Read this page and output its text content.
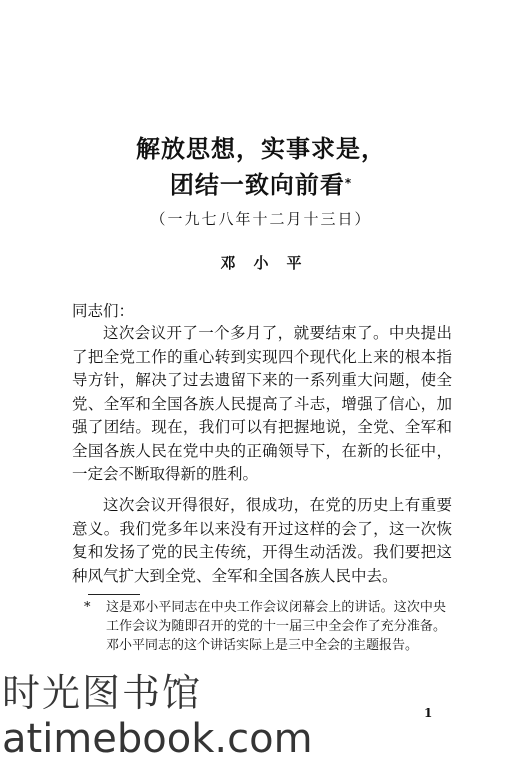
解放思想，实事求是，
团结一致向前看*
（一九七八年十二月十三日）
邓小平
同志们：

这次会议开了一个多月了，就要结束了。中央提出了把全党工作的重心转到实现四个现代化上来的根本指导方针，解决了过去遗留下来的一系列重大问题，使全党、全军和全国各族人民提高了斗志，增强了信心，加强了团结。现在，我们可以有把握地说，全党、全军和全国各族人民在党中央的正确领导下，在新的长征中，一定会不断取得新的胜利。

这次会议开得很好，很成功，在党的历史上有重要意义。我们党多年以来没有开过这样的会了，这一次恢复和发扬了党的民主传统，开得生动活泼。我们要把这种风气扩大到全党、全军和全国各族人民中去。

* 这是邓小平同志在中央工作会议闭幕会上的讲话。这次中央工作会议为随即召开的党的十一届三中全会作了充分准备。邓小平同志的这个讲话实际上是三中全会的主题报告。
1
时光图书馆
atimebook.com
